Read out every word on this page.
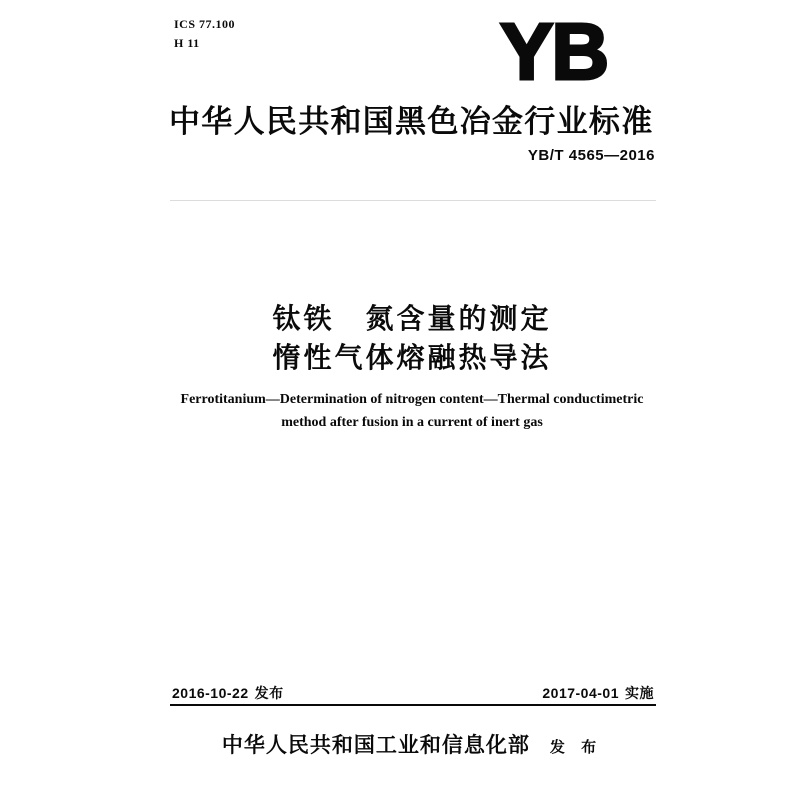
ICS 77.100
H 11	YB
中华人民共和国黑色冶金行业标准
YB/T 4565—2016
钛铁　氮含量的测定
惰性气体熔融热导法
Ferrotitanium—Determination of nitrogen content—Thermal conductimetric
method after fusion in a current of inert gas
2016-10-22 发布	2017-04-01 实施
中华人民共和国工业和信息化部 发 布
